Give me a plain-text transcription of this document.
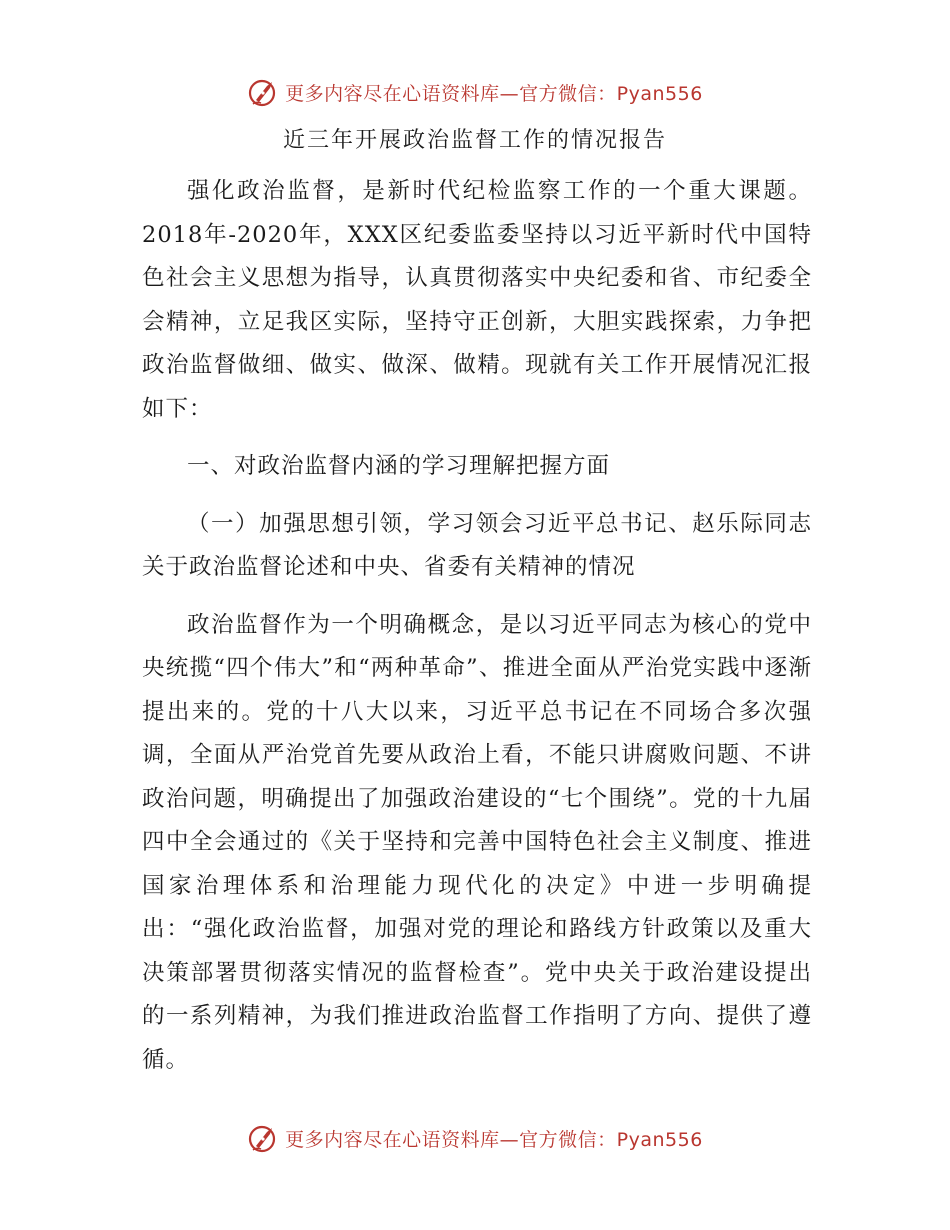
更多内容尽在心语资料库—官方微信：Pyan556
近三年开展政治监督工作的情况报告

强化政治监督，是新时代纪检监察工作的一个重大课题。2018年-2020年，XXX区纪委监委坚持以习近平新时代中国特色社会主义思想为指导，认真贯彻落实中央纪委和省、市纪委全会精神，立足我区实际，坚持守正创新，大胆实践探索，力争把政治监督做细、做实、做深、做精。现就有关工作开展情况汇报如下：

一、对政治监督内涵的学习理解把握方面

（一）加强思想引领，学习领会习近平总书记、赵乐际同志关于政治监督论述和中央、省委有关精神的情况

政治监督作为一个明确概念，是以习近平同志为核心的党中央统揽“四个伟大”和“两种革命”、推进全面从严治党实践中逐渐提出来的。党的十八大以来，习近平总书记在不同场合多次强调，全面从严治党首先要从政治上看，不能只讲腐败问题、不讲政治问题，明确提出了加强政治建设的“七个围绕”。党的十九届四中全会通过的《关于坚持和完善中国特色社会主义制度、推进国家治理体系和治理能力现代化的决定》中进一步明确提出：“强化政治监督，加强对党的理论和路线方针政策以及重大决策部署贯彻落实情况的监督检查”。党中央关于政治建设提出的一系列精神，为我们推进政治监督工作指明了方向、提供了遵循。

更多内容尽在心语资料库—官方微信：Pyan556
